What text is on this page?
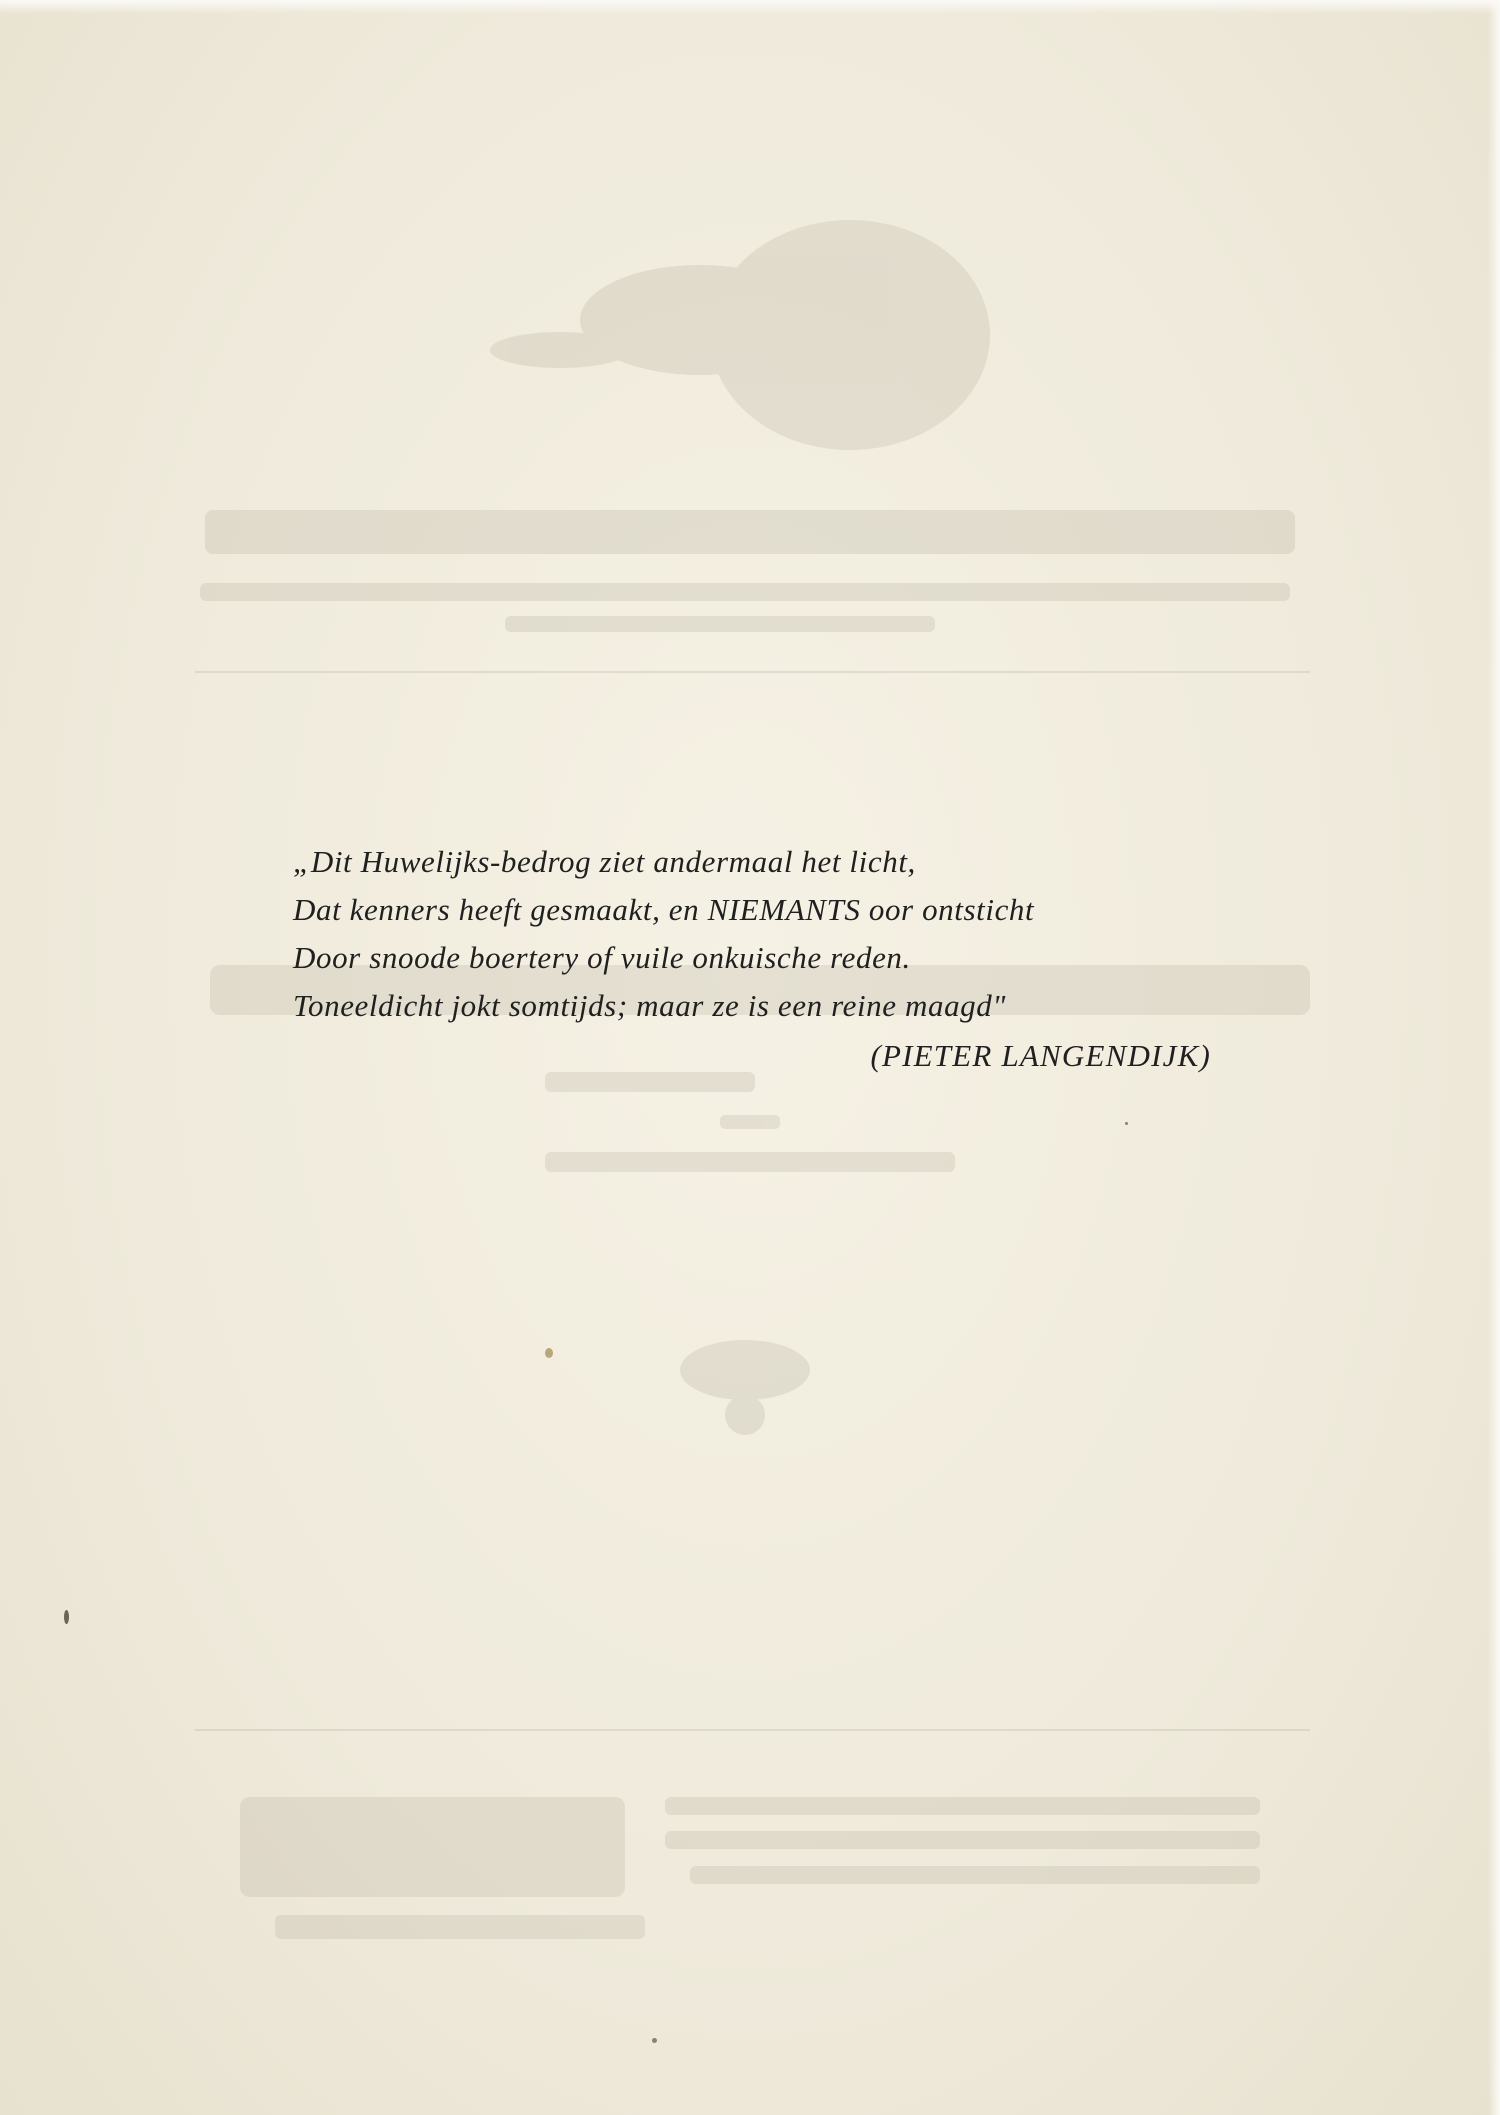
„Dit Huwelijks-bedrog ziet andermaal het licht,
Dat kenners heeft gesmaakt, en NIEMANTS oor ontsticht
Door snoode boertery of vuile onkuische reden.
Toneeldicht jokt somtijds; maar ze is een reine maagd"
(PIETER LANGENDIJK)
